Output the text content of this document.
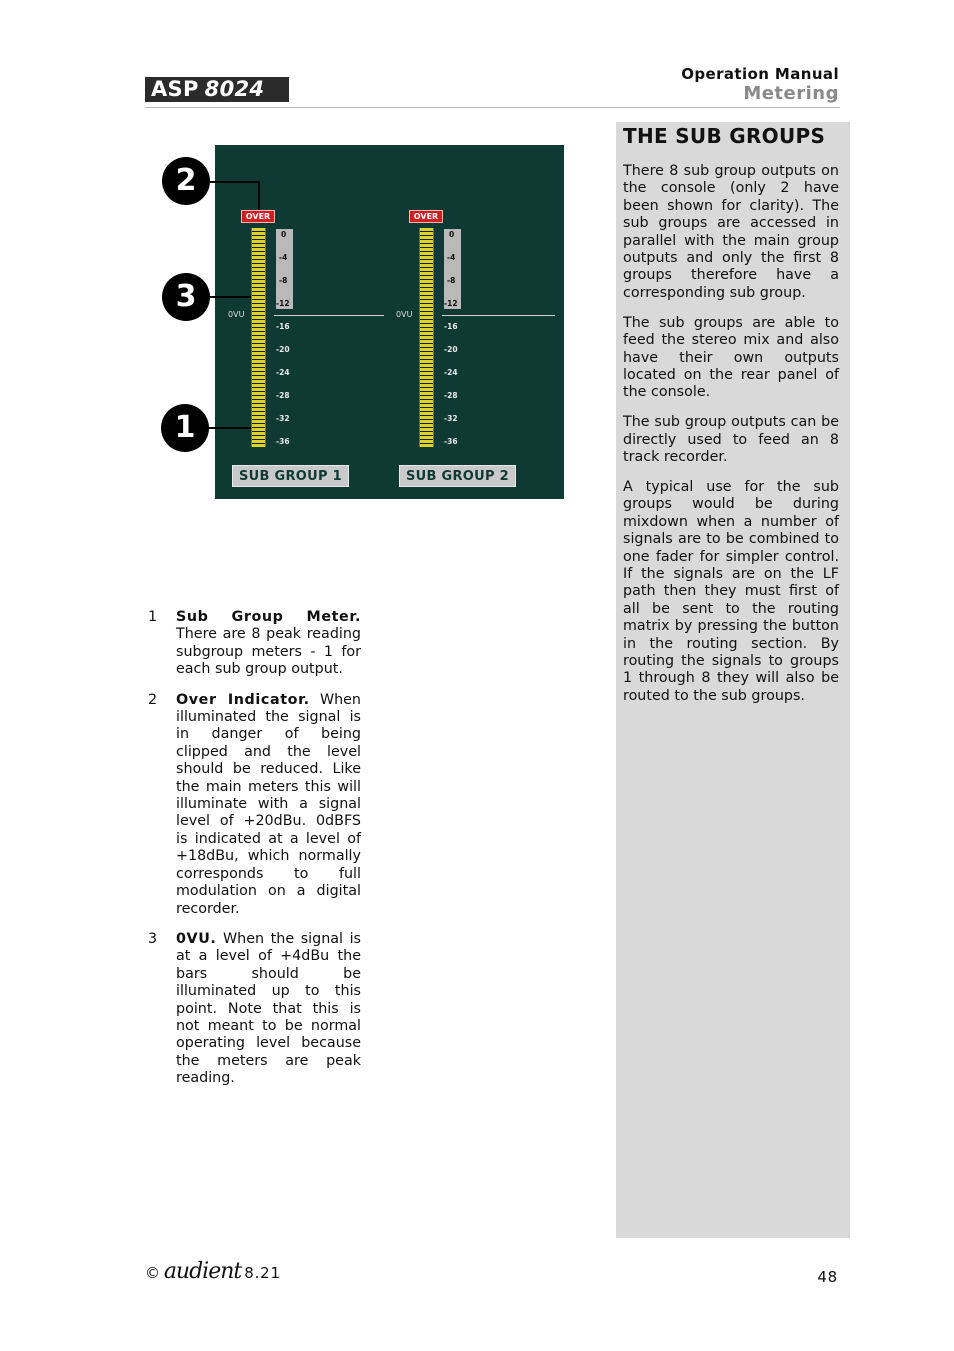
ASP 8024
Operation Manual
Metering
THE SUB GROUPS

There 8 sub group outputs on the console (only 2 have been shown for clarity). The sub groups are accessed in parallel with the main group outputs and only the first 8 groups therefore have a corresponding sub group.

The sub groups are able to feed the stereo mix and also have their own outputs located on the rear panel of the console.

The sub group outputs can be directly used to feed an 8 track recorder.

A typical use for the sub groups would be during mixdown when a number of signals are to be combined to one fader for simpler control. If the signals are on the LF path then they must first of all be sent to the routing matrix by pressing the button in the routing section. By routing the signals to groups 1 through 8 they will also be routed to the sub groups.

OVER
0
-4
-8
-12
0VU
-16
-20
-24
-28
-32
-36
SUB GROUP 1
OVER
0
-4
-8
-12
0VU
-16
-20
-24
-28
-32
-36
SUB GROUP 2
2
3
1
1	Sub Group Meter. There are 8 peak reading subgroup meters - 1 for each sub group output.
2	Over Indicator. When illuminated the signal is in danger of being clipped and the level should be reduced. Like the main meters this will illuminate with a signal level of +20dBu. 0dBFS is indicated at a level of +18dBu, which normally corresponds to full modulation on a digital recorder.
3	0VU. When the signal is at a level of +4dBu the bars should be illuminated up to this point. Note that this is not meant to be normal operating level because the meters are peak reading.
© audient 8.21	48
